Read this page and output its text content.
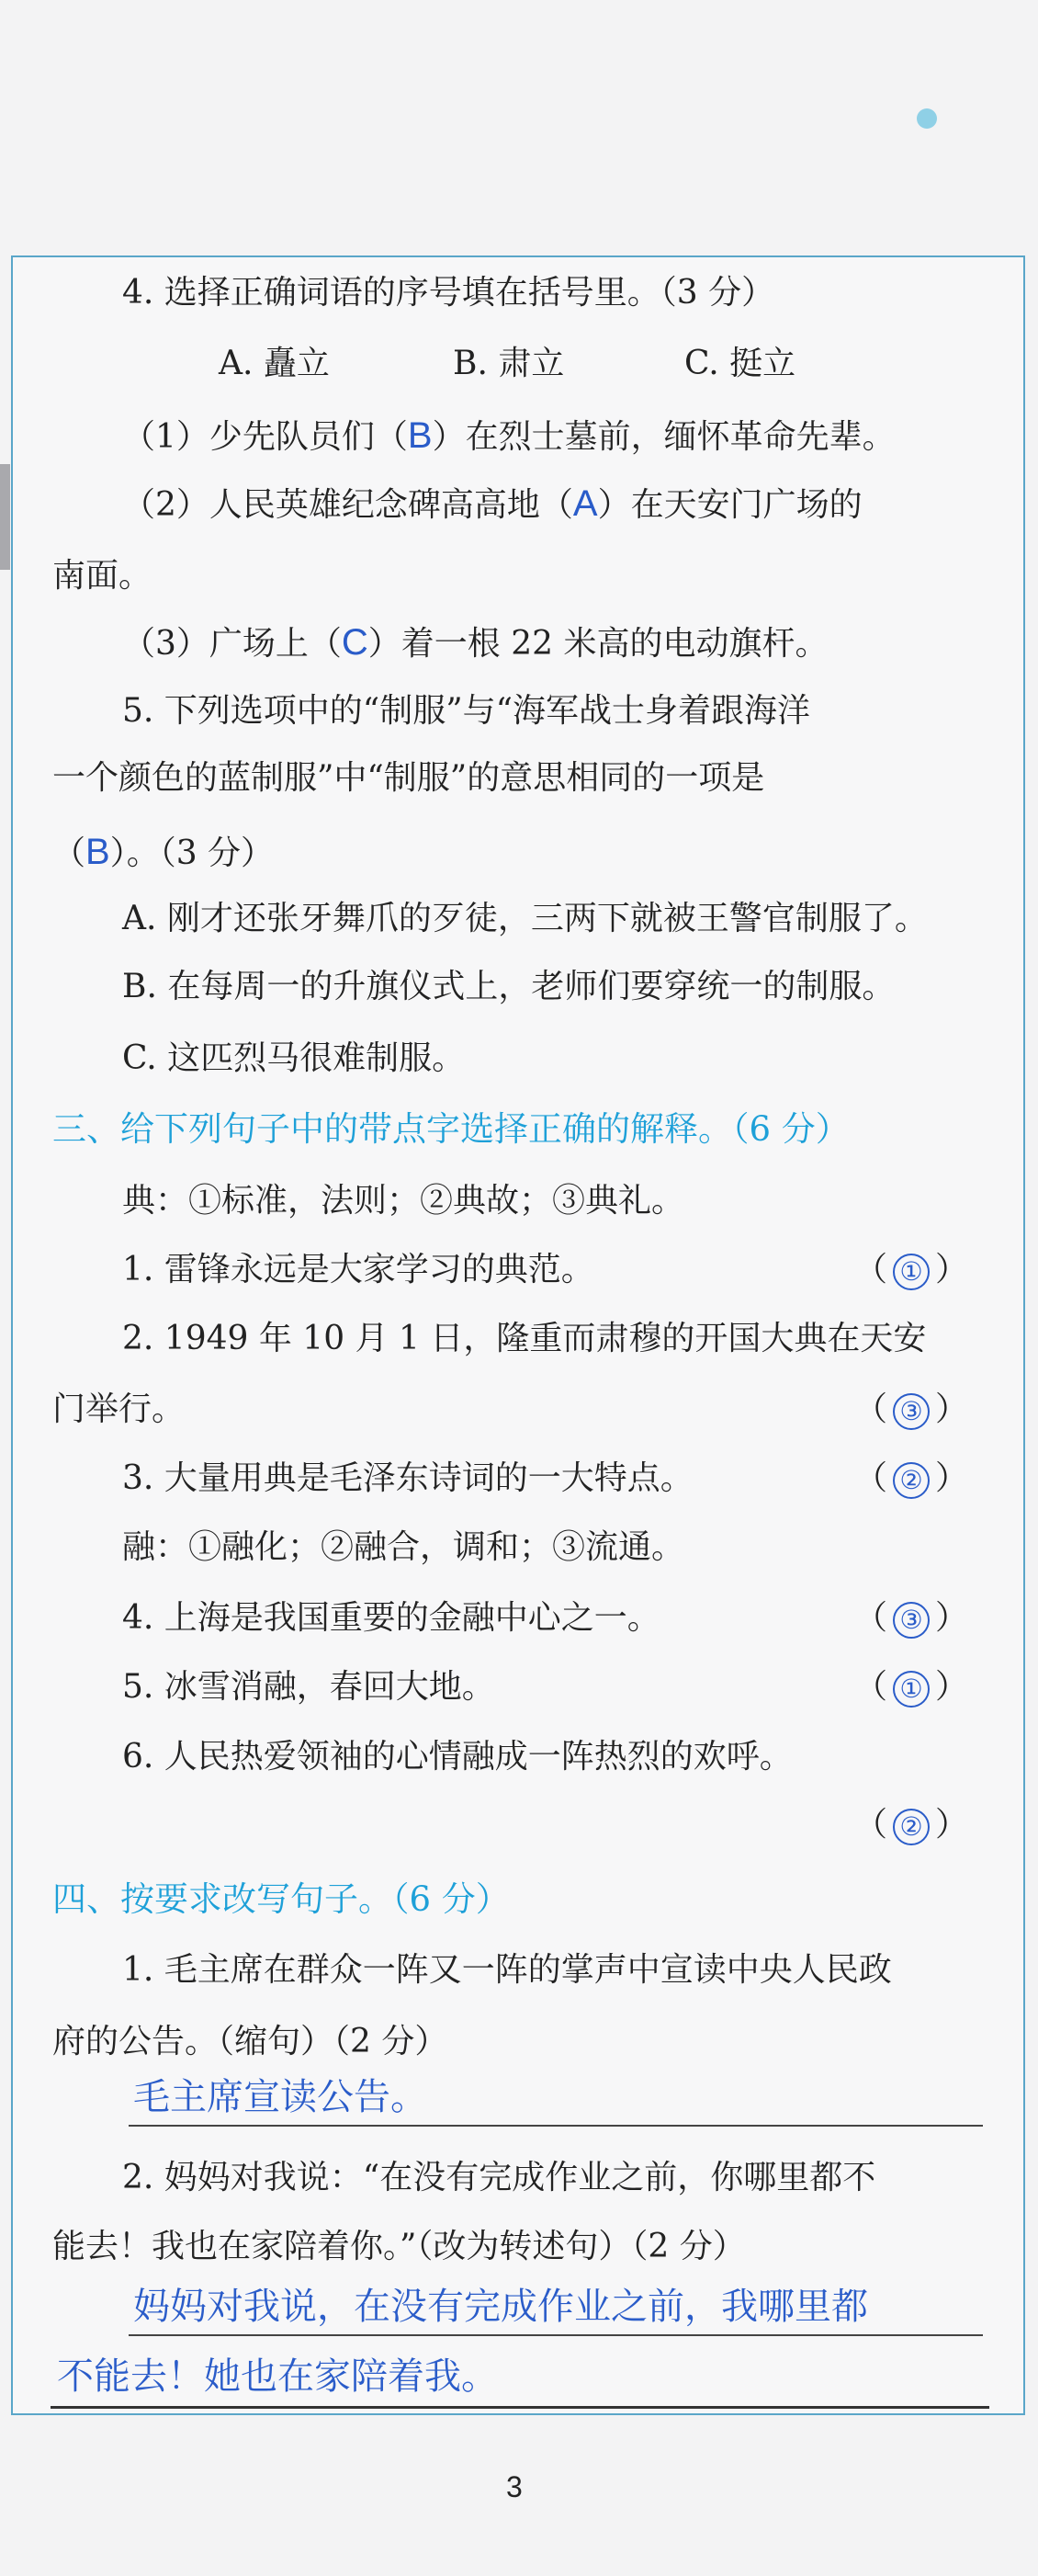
4. 选择正确词语的序号填在括号里。（3 分）
A. 矗立	B. 肃立	C. 挺立
（1）少先队员们（B）在烈士墓前，缅怀革命先辈。
（2）人民英雄纪念碑高高地（A）在天安门广场的
南面。
（3）广场上（C）着一根 22 米高的电动旗杆。
5. 下列选项中的“制服”与“海军战士身着跟海洋
一个颜色的蓝制服”中“制服”的意思相同的一项是
（B）。（3 分）
A. 刚才还张牙舞爪的歹徒，三两下就被王警官制服了。
B. 在每周一的升旗仪式上，老师们要穿统一的制服。
C. 这匹烈马很难制服。
三、给下列句子中的带点字选择正确的解释。（6 分）
典：①标准，法则；②典故；③典礼。
1. 雷锋永远是大家学习的典范。	（ ① ）
2. 1949 年 10 月 1 日，隆重而肃穆的开国大典在天安
门举行。	（ ③ ）
3. 大量用典是毛泽东诗词的一大特点。	（ ② ）
融：①融化；②融合，调和；③流通。
4. 上海是我国重要的金融中心之一。	（ ③ ）
5. 冰雪消融，春回大地。	（ ① ）
6. 人民热爱领袖的心情融成一阵热烈的欢呼。
（ ② ）
四、按要求改写句子。（6 分）
1. 毛主席在群众一阵又一阵的掌声中宣读中央人民政
府的公告。（缩句）（2 分）
毛主席宣读公告。
2. 妈妈对我说：“在没有完成作业之前，你哪里都不
能去！我也在家陪着你。”（改为转述句）（2 分）
妈妈对我说，在没有完成作业之前，我哪里都
不能去！她也在家陪着我。
3
